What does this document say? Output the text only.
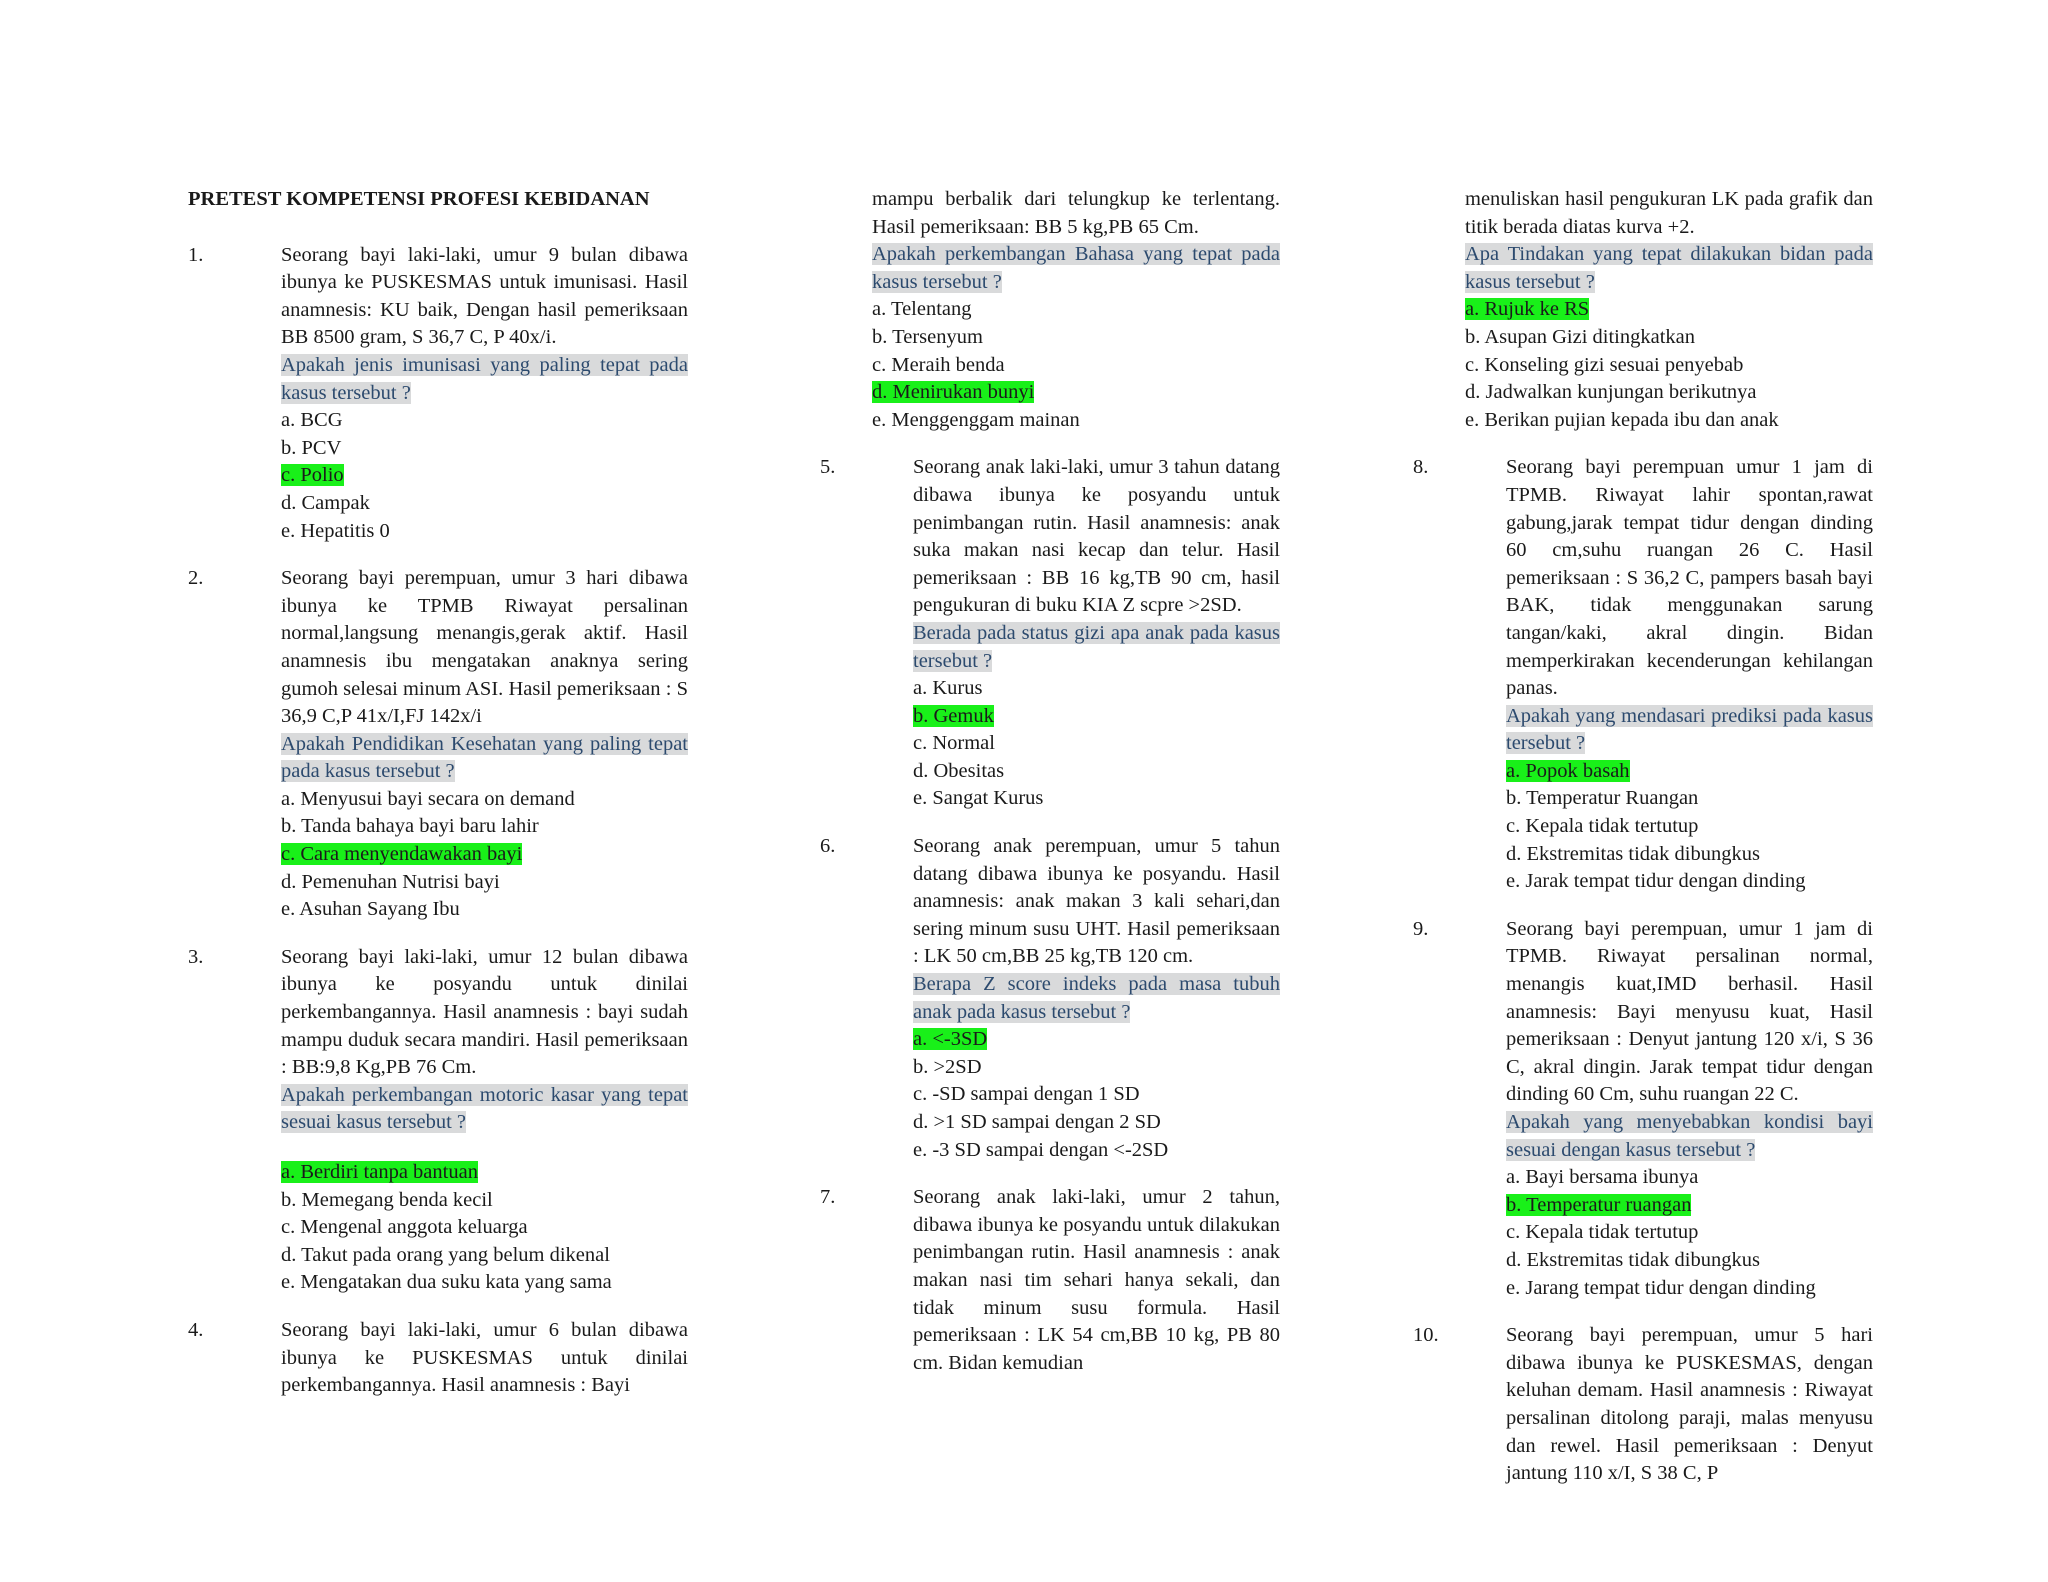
PRETEST KOMPETENSI PROFESI KEBIDANAN
1.	Seorang bayi laki-laki, umur 9 bulan dibawa ibunya ke PUSKESMAS untuk imunisasi. Hasil anamnesis: KU baik, Dengan hasil pemeriksaan BB 8500 gram, S 36,7 C, P 40x/i.
Apakah jenis imunisasi yang paling tepat pada kasus tersebut ?
a. BCG
b. PCV
c. Polio
d. Campak
e. Hepatitis 0
2.	Seorang bayi perempuan, umur 3 hari dibawa ibunya ke TPMB Riwayat persalinan normal,langsung menangis,gerak aktif. Hasil anamnesis ibu mengatakan anaknya sering gumoh selesai minum ASI. Hasil pemeriksaan : S 36,9 C,P 41x/I,FJ 142x/i
Apakah Pendidikan Kesehatan yang paling tepat pada kasus tersebut ?
a. Menyusui bayi secara on demand
b. Tanda bahaya bayi baru lahir
c. Cara menyendawakan bayi
d. Pemenuhan Nutrisi bayi
e. Asuhan Sayang Ibu
3.	Seorang bayi laki-laki, umur 12 bulan dibawa ibunya ke posyandu untuk dinilai perkembangannya. Hasil anamnesis : bayi sudah mampu duduk secara mandiri. Hasil pemeriksaan : BB:9,8 Kg,PB 76 Cm.
Apakah perkembangan motoric kasar yang tepat sesuai kasus tersebut ?
a. Berdiri tanpa bantuan
b. Memegang benda kecil
c. Mengenal anggota keluarga
d. Takut pada orang yang belum dikenal
e. Mengatakan dua suku kata yang sama
4.	Seorang bayi laki-laki, umur 6 bulan dibawa ibunya ke PUSKESMAS untuk dinilai perkembangannya. Hasil anamnesis : Bayi
mampu berbalik dari telungkup ke terlentang. Hasil pemeriksaan: BB 5 kg,PB 65 Cm.
Apakah perkembangan Bahasa yang tepat pada kasus tersebut ?
a. Telentang
b. Tersenyum
c. Meraih benda
d. Menirukan bunyi
e. Menggenggam mainan
5.	Seorang anak laki-laki, umur 3 tahun datang dibawa ibunya ke posyandu untuk penimbangan rutin. Hasil anamnesis: anak suka makan nasi kecap dan telur. Hasil pemeriksaan : BB 16 kg,TB 90 cm, hasil pengukuran di buku KIA Z scpre >2SD.
Berada pada status gizi apa anak pada kasus tersebut ?
a. Kurus
b. Gemuk
c. Normal
d. Obesitas
e. Sangat Kurus
6.	Seorang anak perempuan, umur 5 tahun datang dibawa ibunya ke posyandu. Hasil anamnesis: anak makan 3 kali sehari,dan sering minum susu UHT. Hasil pemeriksaan : LK 50 cm,BB 25 kg,TB 120 cm.
Berapa Z score indeks pada masa tubuh anak pada kasus tersebut ?
a. <-3SD
b. >2SD
c. -SD sampai dengan 1 SD
d. >1 SD sampai dengan 2 SD
e. -3 SD sampai dengan <-2SD
7.	Seorang anak laki-laki, umur 2 tahun, dibawa ibunya ke posyandu untuk dilakukan penimbangan rutin. Hasil anamnesis : anak makan nasi tim sehari hanya sekali, dan tidak minum susu formula. Hasil pemeriksaan : LK 54 cm,BB 10 kg, PB 80 cm. Bidan kemudian
menuliskan hasil pengukuran LK pada grafik dan titik berada diatas kurva +2.
Apa Tindakan yang tepat dilakukan bidan pada kasus tersebut ?
a. Rujuk ke RS
b. Asupan Gizi ditingkatkan
c. Konseling gizi sesuai penyebab
d. Jadwalkan kunjungan berikutnya
e. Berikan pujian kepada ibu dan anak
8.	Seorang bayi perempuan umur 1 jam di TPMB. Riwayat lahir spontan,rawat gabung,jarak tempat tidur dengan dinding 60 cm,suhu ruangan 26 C. Hasil pemeriksaan : S 36,2 C, pampers basah bayi BAK, tidak menggunakan sarung tangan/kaki, akral dingin. Bidan memperkirakan kecenderungan kehilangan panas.
Apakah yang mendasari prediksi pada kasus tersebut ?
a. Popok basah
b. Temperatur Ruangan
c. Kepala tidak tertutup
d. Ekstremitas tidak dibungkus
e. Jarak tempat tidur dengan dinding
9.	Seorang bayi perempuan, umur 1 jam di TPMB. Riwayat persalinan normal, menangis kuat,IMD berhasil. Hasil anamnesis: Bayi menyusu kuat, Hasil pemeriksaan : Denyut jantung 120 x/i, S 36 C, akral dingin. Jarak tempat tidur dengan dinding 60 Cm, suhu ruangan 22 C.
Apakah yang menyebabkan kondisi bayi sesuai dengan kasus tersebut ?
a. Bayi bersama ibunya
b. Temperatur ruangan
c. Kepala tidak tertutup
d. Ekstremitas tidak dibungkus
e. Jarang tempat tidur dengan dinding
10.	Seorang bayi perempuan, umur 5 hari dibawa ibunya ke PUSKESMAS, dengan keluhan demam. Hasil anamnesis : Riwayat persalinan ditolong paraji, malas menyusu dan rewel. Hasil pemeriksaan : Denyut jantung 110 x/I, S 38 C, P
